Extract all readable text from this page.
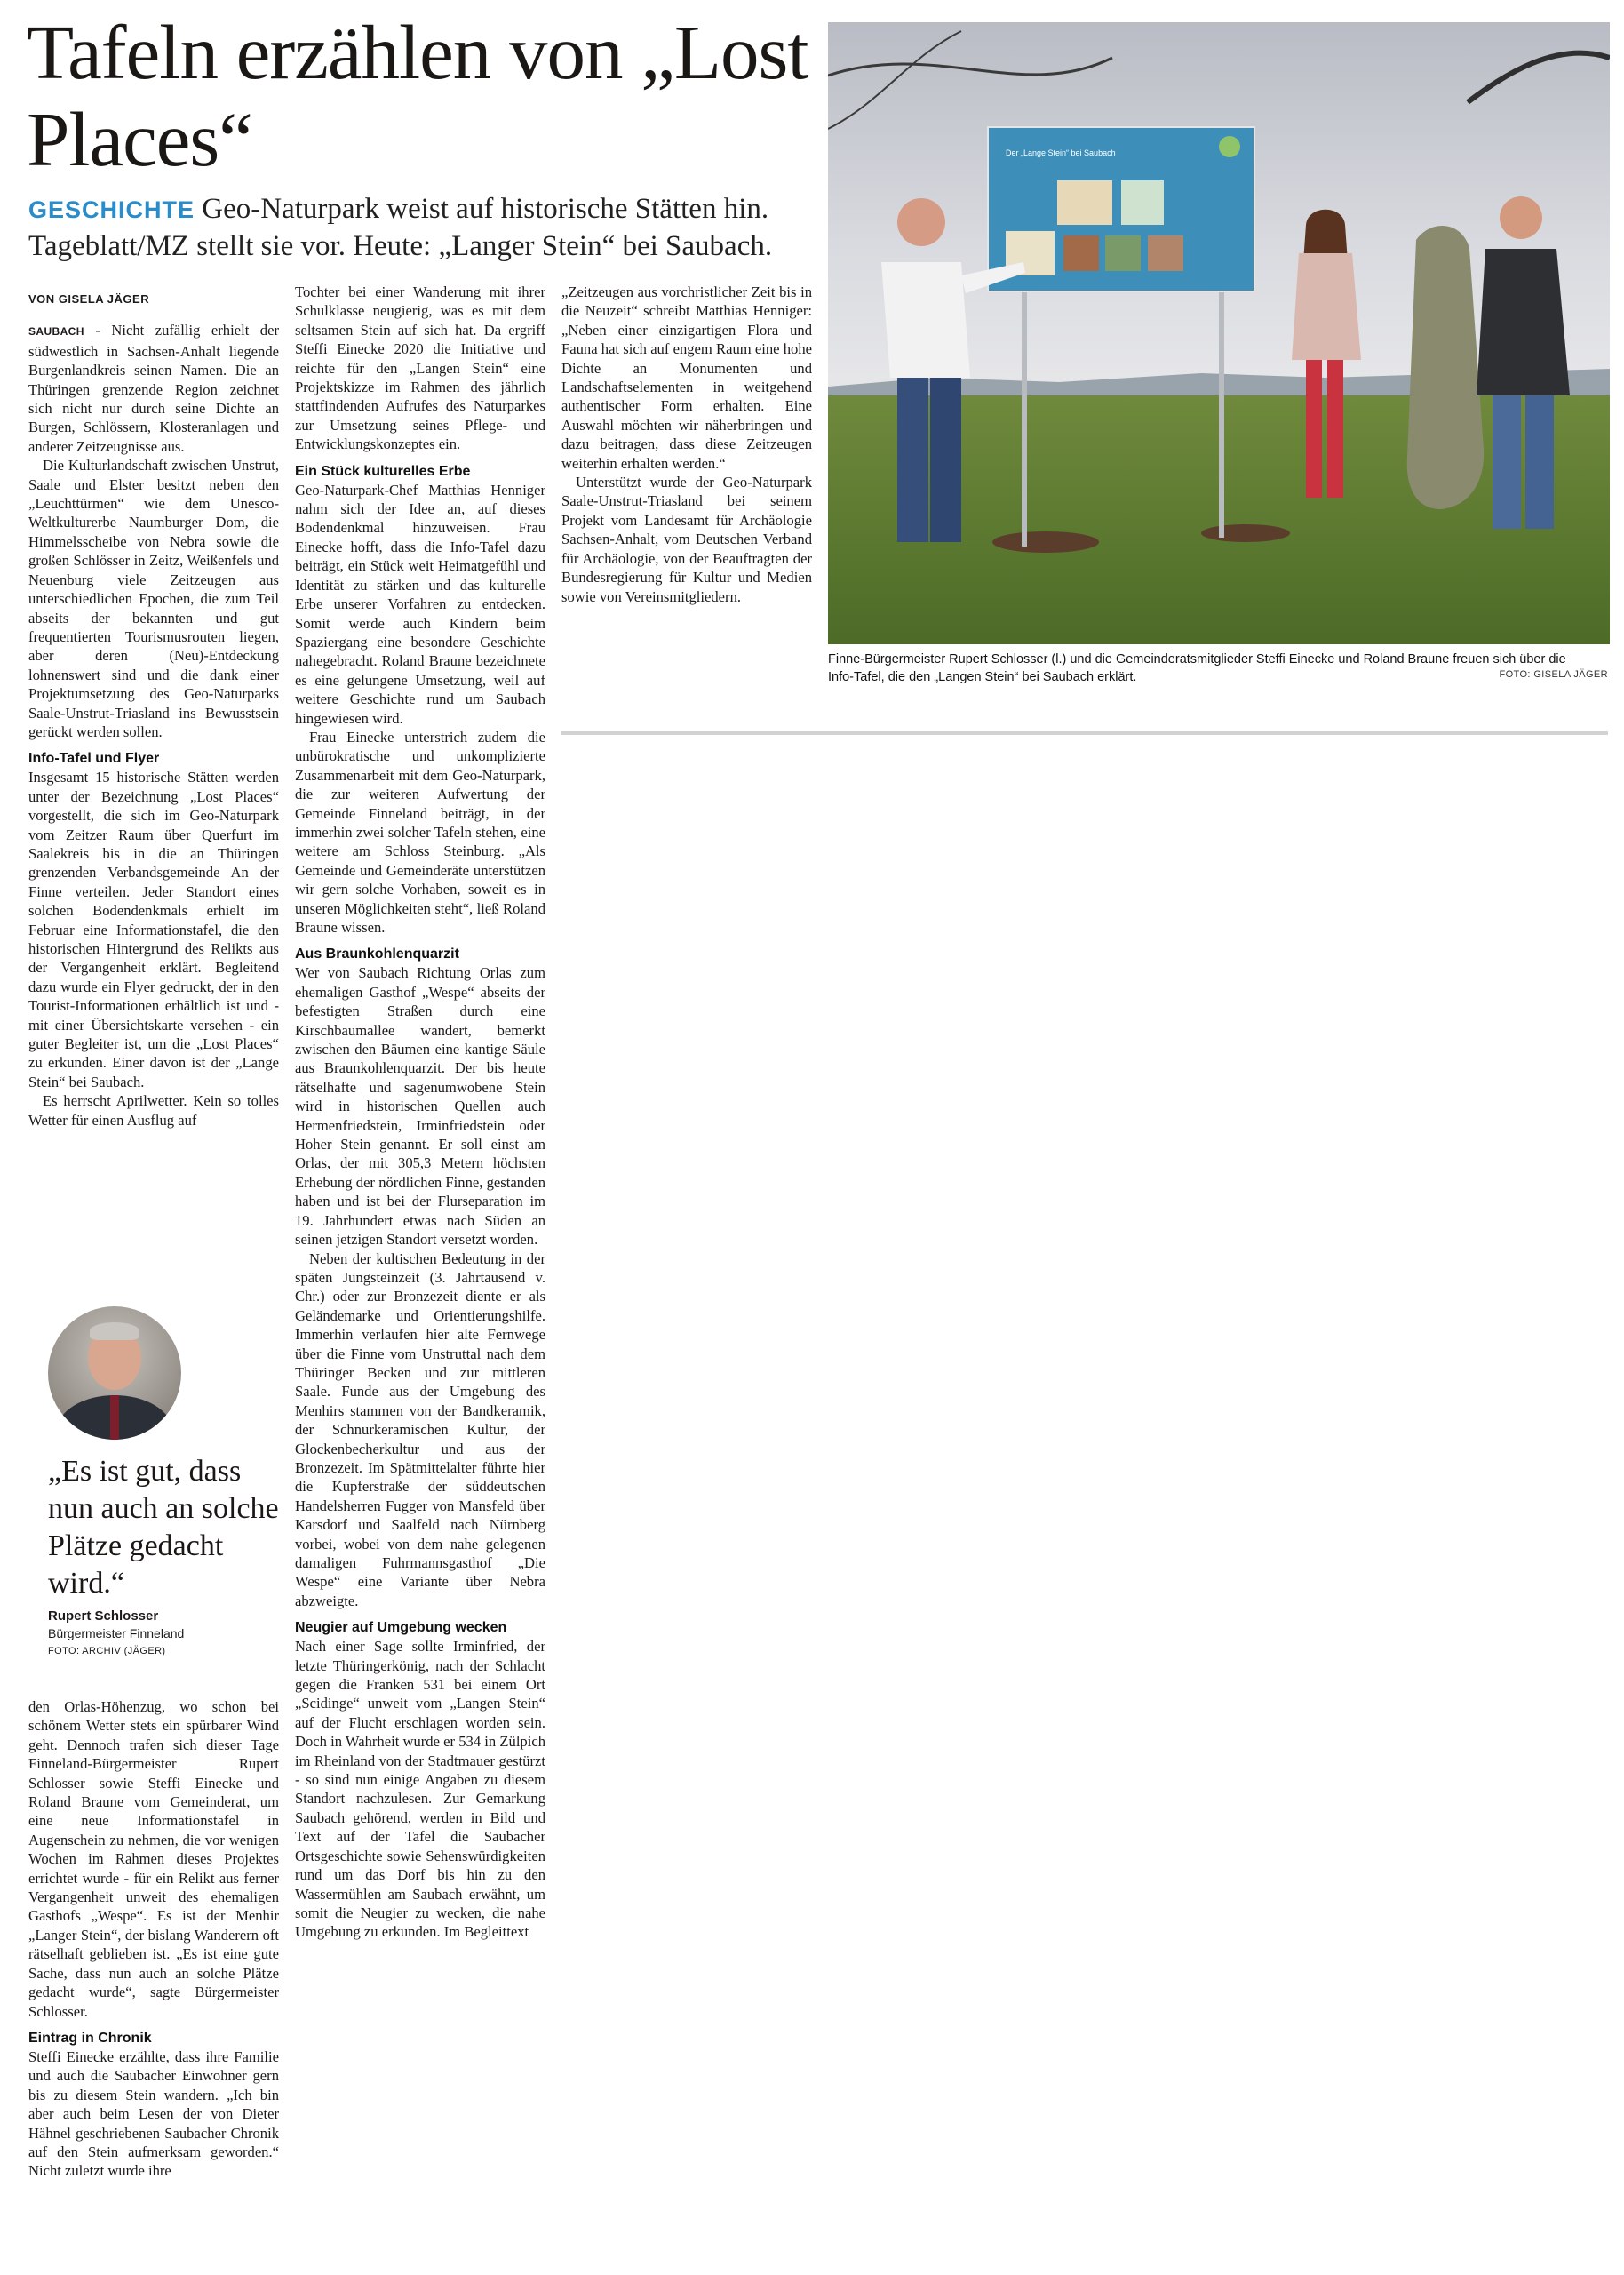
Tafeln erzählen von „Lost Places“

GESCHICHTE Geo-Naturpark weist auf historische Stätten hin. Tageblatt/MZ stellt sie vor. Heute: „Langer Stein“ bei Saubach.

VON GISELA JÄGER

SAUBACH - Nicht zufällig erhielt der südwestlich in Sachsen-Anhalt liegende Burgenlandkreis seinen Namen. Die an Thüringen grenzende Region zeichnet sich nicht nur durch seine Dichte an Burgen, Schlössern, Klosteranlagen und anderer Zeitzeugnisse aus.

Die Kulturlandschaft zwischen Unstrut, Saale und Elster besitzt neben den „Leuchttürmen“ wie dem Unesco-Weltkulturerbe Naumburger Dom, die Himmelsscheibe von Nebra sowie die großen Schlösser in Zeitz, Weißenfels und Neuenburg viele Zeitzeugen aus unterschiedlichen Epochen, die zum Teil abseits der bekannten und gut frequentierten Tourismusrouten liegen, aber deren (Neu)-Entdeckung lohnenswert sind und die dank einer Projektumsetzung des Geo-Naturparks Saale-Unstrut-Triasland ins Bewusstsein gerückt werden sollen.

Info-Tafel und Flyer

Insgesamt 15 historische Stätten werden unter der Bezeichnung „Lost Places“ vorgestellt, die sich im Geo-Naturpark vom Zeitzer Raum über Querfurt im Saalekreis bis in die an Thüringen grenzenden Verbandsgemeinde An der Finne verteilen. Jeder Standort eines solchen Bodendenkmals erhielt im Februar eine Informationstafel, die den historischen Hintergrund des Relikts aus der Vergangenheit erklärt. Begleitend dazu wurde ein Flyer gedruckt, der in den Tourist-Informationen erhältlich ist und - mit einer Übersichtskarte versehen - ein guter Begleiter ist, um die „Lost Places“ zu erkunden. Einer davon ist der „Lange Stein“ bei Saubach.

Es herrscht Aprilwetter. Kein so tolles Wetter für einen Ausflug auf

„Es ist gut, dass nun auch an solche Plätze gedacht wird.“

Rupert Schlosser
Bürgermeister Finneland
FOTO: ARCHIV (JÄGER)

den Orlas-Höhenzug, wo schon bei schönem Wetter stets ein spürbarer Wind geht. Dennoch trafen sich dieser Tage Finneland-Bürgermeister Rupert Schlosser sowie Steffi Einecke und Roland Braune vom Gemeinderat, um eine neue Informationstafel in Augenschein zu nehmen, die vor wenigen Wochen im Rahmen dieses Projektes errichtet wurde - für ein Relikt aus ferner Vergangenheit unweit des ehemaligen Gasthofs „Wespe“. Es ist der Menhir „Langer Stein“, der bislang Wanderern oft rätselhaft geblieben ist. „Es ist eine gute Sache, dass nun auch an solche Plätze gedacht wurde“, sagte Bürgermeister Schlosser.

Eintrag in Chronik

Steffi Einecke erzählte, dass ihre Familie und auch die Saubacher Einwohner gern bis zu diesem Stein wandern. „Ich bin aber auch beim Lesen der von Dieter Hähnel geschriebenen Saubacher Chronik auf den Stein aufmerksam geworden.“ Nicht zuletzt wurde ihre

Tochter bei einer Wanderung mit ihrer Schulklasse neugierig, was es mit dem seltsamen Stein auf sich hat. Da ergriff Steffi Einecke 2020 die Initiative und reichte für den „Langen Stein“ eine Projektskizze im Rahmen des jährlich stattfindenden Aufrufes des Naturparkes zur Umsetzung seines Pflege- und Entwicklungskonzeptes ein.

Ein Stück kulturelles Erbe

Geo-Naturpark-Chef Matthias Henniger nahm sich der Idee an, auf dieses Bodendenkmal hinzuweisen. Frau Einecke hofft, dass die Info-Tafel dazu beiträgt, ein Stück weit Heimatgefühl und Identität zu stärken und das kulturelle Erbe unserer Vorfahren zu entdecken. Somit werde auch Kindern beim Spaziergang eine besondere Geschichte nahegebracht. Roland Braune bezeichnete es eine gelungene Umsetzung, weil auf weitere Geschichte rund um Saubach hingewiesen wird.

Frau Einecke unterstrich zudem die unbürokratische und unkomplizierte Zusammenarbeit mit dem Geo-Naturpark, die zur weiteren Aufwertung der Gemeinde Finneland beiträgt, in der immerhin zwei solcher Tafeln stehen, eine weitere am Schloss Steinburg. „Als Gemeinde und Gemeinderäte unterstützen wir gern solche Vorhaben, soweit es in unseren Möglichkeiten steht“, ließ Roland Braune wissen.

Aus Braunkohlenquarzit

Wer von Saubach Richtung Orlas zum ehemaligen Gasthof „Wespe“ abseits der befestigten Straßen durch eine Kirschbaumallee wandert, bemerkt zwischen den Bäumen eine kantige Säule aus Braunkohlenquarzit. Der bis heute rätselhafte und sagenumwobene Stein wird in historischen Quellen auch Hermenfriedstein, Irminfriedstein oder Hoher Stein genannt. Er soll einst am Orlas, der mit 305,3 Metern höchsten Erhebung der nördlichen Finne, gestanden haben und ist bei der Flurseparation im 19. Jahrhundert etwas nach Süden an seinen jetzigen Standort versetzt worden.

Neben der kultischen Bedeutung in der späten Jungsteinzeit (3. Jahrtausend v. Chr.) oder zur Bronzezeit diente er als Geländemarke und Orientierungshilfe. Immerhin verlaufen hier alte Fernwege über die Finne vom Unstruttal nach dem Thüringer Becken und zur mittleren Saale. Funde aus der Umgebung des Menhirs stammen von der Bandkeramik, der Schnurkeramischen Kultur, der Glockenbecherkultur und aus der Bronzezeit. Im Spätmittelalter führte hier die Kupferstraße der süddeutschen Handelsherren Fugger von Mansfeld über Karsdorf und Saalfeld nach Nürnberg vorbei, wobei von dem nahe gelegenen damaligen Fuhrmannsgasthof „Die Wespe“ eine Variante über Nebra abzweigte.

Neugier auf Umgebung wecken

Nach einer Sage sollte Irminfried, der letzte Thüringerkönig, nach der Schlacht gegen die Franken 531 bei einem Ort „Scidinge“ unweit vom „Langen Stein“ auf der Flucht erschlagen worden sein. Doch in Wahrheit wurde er 534 in Zülpich im Rheinland von der Stadtmauer gestürzt - so sind nun einige Angaben zu diesem Standort nachzulesen. Zur Gemarkung Saubach gehörend, werden in Bild und Text auf der Tafel die Saubacher Ortsgeschichte sowie Sehenswürdigkeiten rund um das Dorf bis hin zu den Wassermühlen am Saubach erwähnt, um somit die Neugier zu wecken, die nahe Umgebung zu erkunden. Im Begleittext

„Zeitzeugen aus vorchristlicher Zeit bis in die Neuzeit“ schreibt Matthias Henniger: „Neben einer einzigartigen Flora und Fauna hat sich auf engem Raum eine hohe Dichte an Monumenten und Landschaftselementen in weitgehend authentischer Form erhalten. Eine Auswahl möchten wir näherbringen und dazu beitragen, dass diese Zeitzeugen weiterhin erhalten werden.“

Unterstützt wurde der Geo-Naturpark Saale-Unstrut-Triasland bei seinem Projekt vom Landesamt für Archäologie Sachsen-Anhalt, vom Deutschen Verband für Archäologie, von der Beauftragten der Bundesregierung für Kultur und Medien sowie von Vereinsmitgliedern.

Der „Lange Stein“ bei Saubach

Finne-Bürgermeister Rupert Schlosser (l.) und die Gemeinderatsmitglieder Steffi Einecke und Roland Braune freuen sich über die Info-Tafel, die den „Langen Stein“ bei Saubach erklärt.	FOTO: GISELA JÄGER
